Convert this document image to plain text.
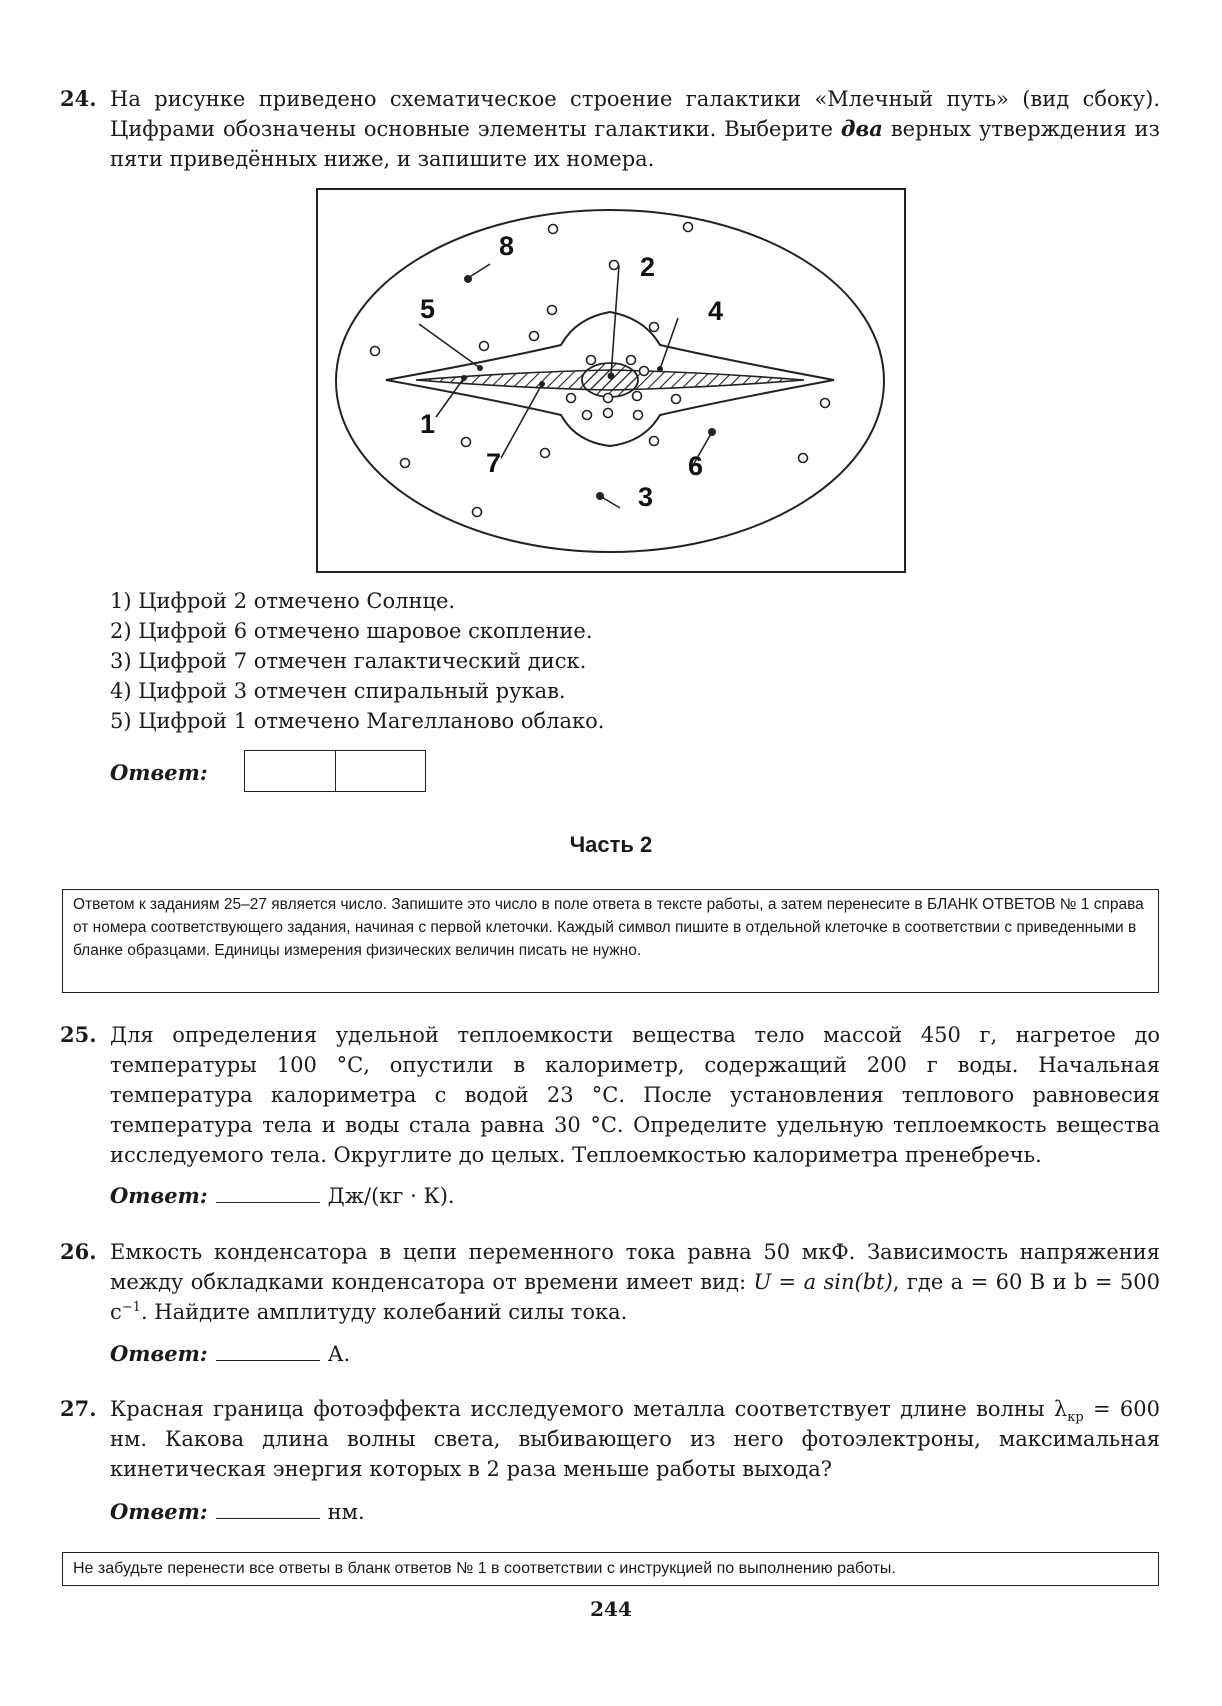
24. На рисунке приведено схематическое строение галактики «Млечный путь» (вид сбоку). Цифрами обозначены основные элементы галактики. Выберите два верных утверждения из пяти приведённых ниже, и запишите их номера.
8
2
5	4
1
7	6
3
1) Цифрой 2 отмечено Солнце.
2) Цифрой 6 отмечено шаровое скопление.
3) Цифрой 7 отмечен галактический диск.
4) Цифрой 3 отмечен спиральный рукав.
5) Цифрой 1 отмечено Магелланово облако.
Ответ:
Часть 2
Ответом к заданиям 25–27 является число. Запишите это число в поле ответа в тексте работы, а затем перенесите в БЛАНК ОТВЕТОВ № 1 справа от номера соответствующего задания, начиная с первой клеточки. Каждый символ пишите в отдельной клеточке в соответствии с приведенными в бланке образцами. Единицы измерения физических величин писать не нужно.
25. Для определения удельной теплоемкости вещества тело массой 450 г, нагретое до температуры 100 °С, опустили в калориметр, содержащий 200 г воды. Начальная температура калориметра с водой 23 °С. После установления теплового равновесия температура тела и воды стала равна 30 °С. Определите удельную теплоемкость вещества исследуемого тела. Округлите до целых. Теплоемкостью калориметра пренебречь.
Ответ:	Дж/(кг · К).
26. Емкость конденсатора в цепи переменного тока равна 50 мкФ. Зависимость напряжения между обкладками конденсатора от времени имеет вид: U = a sin(bt), где a = 60 В и b = 500 $с^{-1}$. Найдите амплитуду колебаний силы тока.
Ответ:	А.
27. Красная граница фотоэффекта исследуемого металла соответствует длине волны $\lambda_{кр} = 600$ нм. Какова длина волны света, выбивающего из него фотоэлектроны, максимальная кинетическая энергия которых в 2 раза меньше работы выхода?
Ответ:	нм.
Не забудьте перенести все ответы в бланк ответов № 1 в соответствии с инструкцией по выполнению работы.
244
